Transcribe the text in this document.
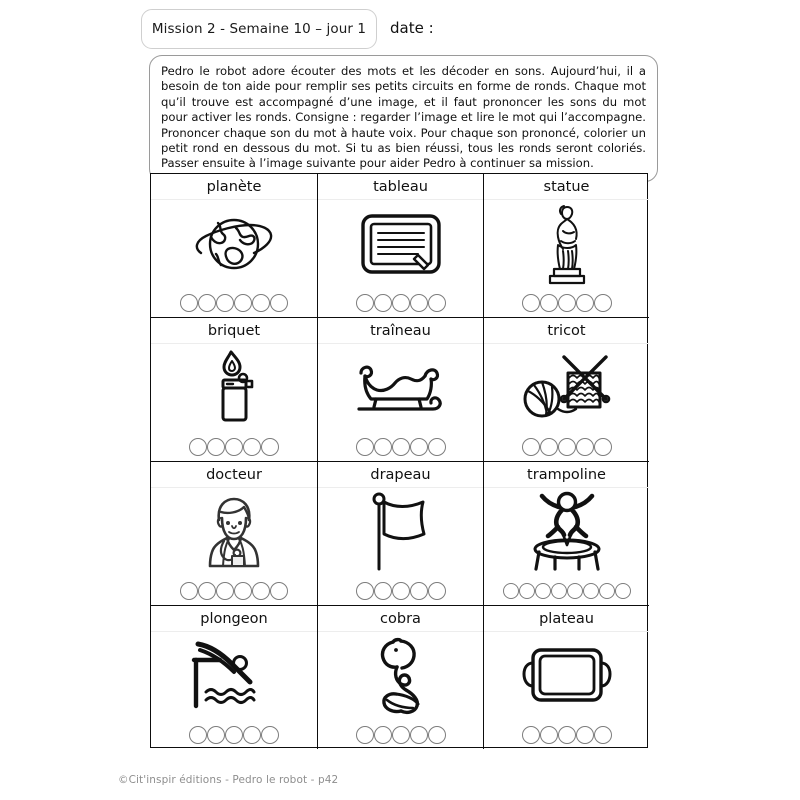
Mission 2 - Semaine 10 – jour 1 date :

Pedro le robot adore écouter des mots et les décoder en sons. Aujourd’hui, il a besoin de ton aide pour remplir ses petits circuits en forme de ronds. Chaque mot qu’il trouve est accompagné d’une image, et il faut prononcer les sons du mot pour activer les ronds. Consigne : regarder l’image et lire le mot qui l’accompagne. Prononcer chaque son du mot à haute voix. Pour chaque son prononcé, colorier un petit rond en dessous du mot. Si tu as bien réussi, tous les ronds seront coloriés. Passer ensuite à l’image suivante pour aider Pedro à continuer sa mission.

planète	tableau	statue
briquet	traîneau	tricot
docteur	drapeau	trampoline
plongeon	cobra	plateau
©Cit'inspir éditions - Pedro le robot - p42
